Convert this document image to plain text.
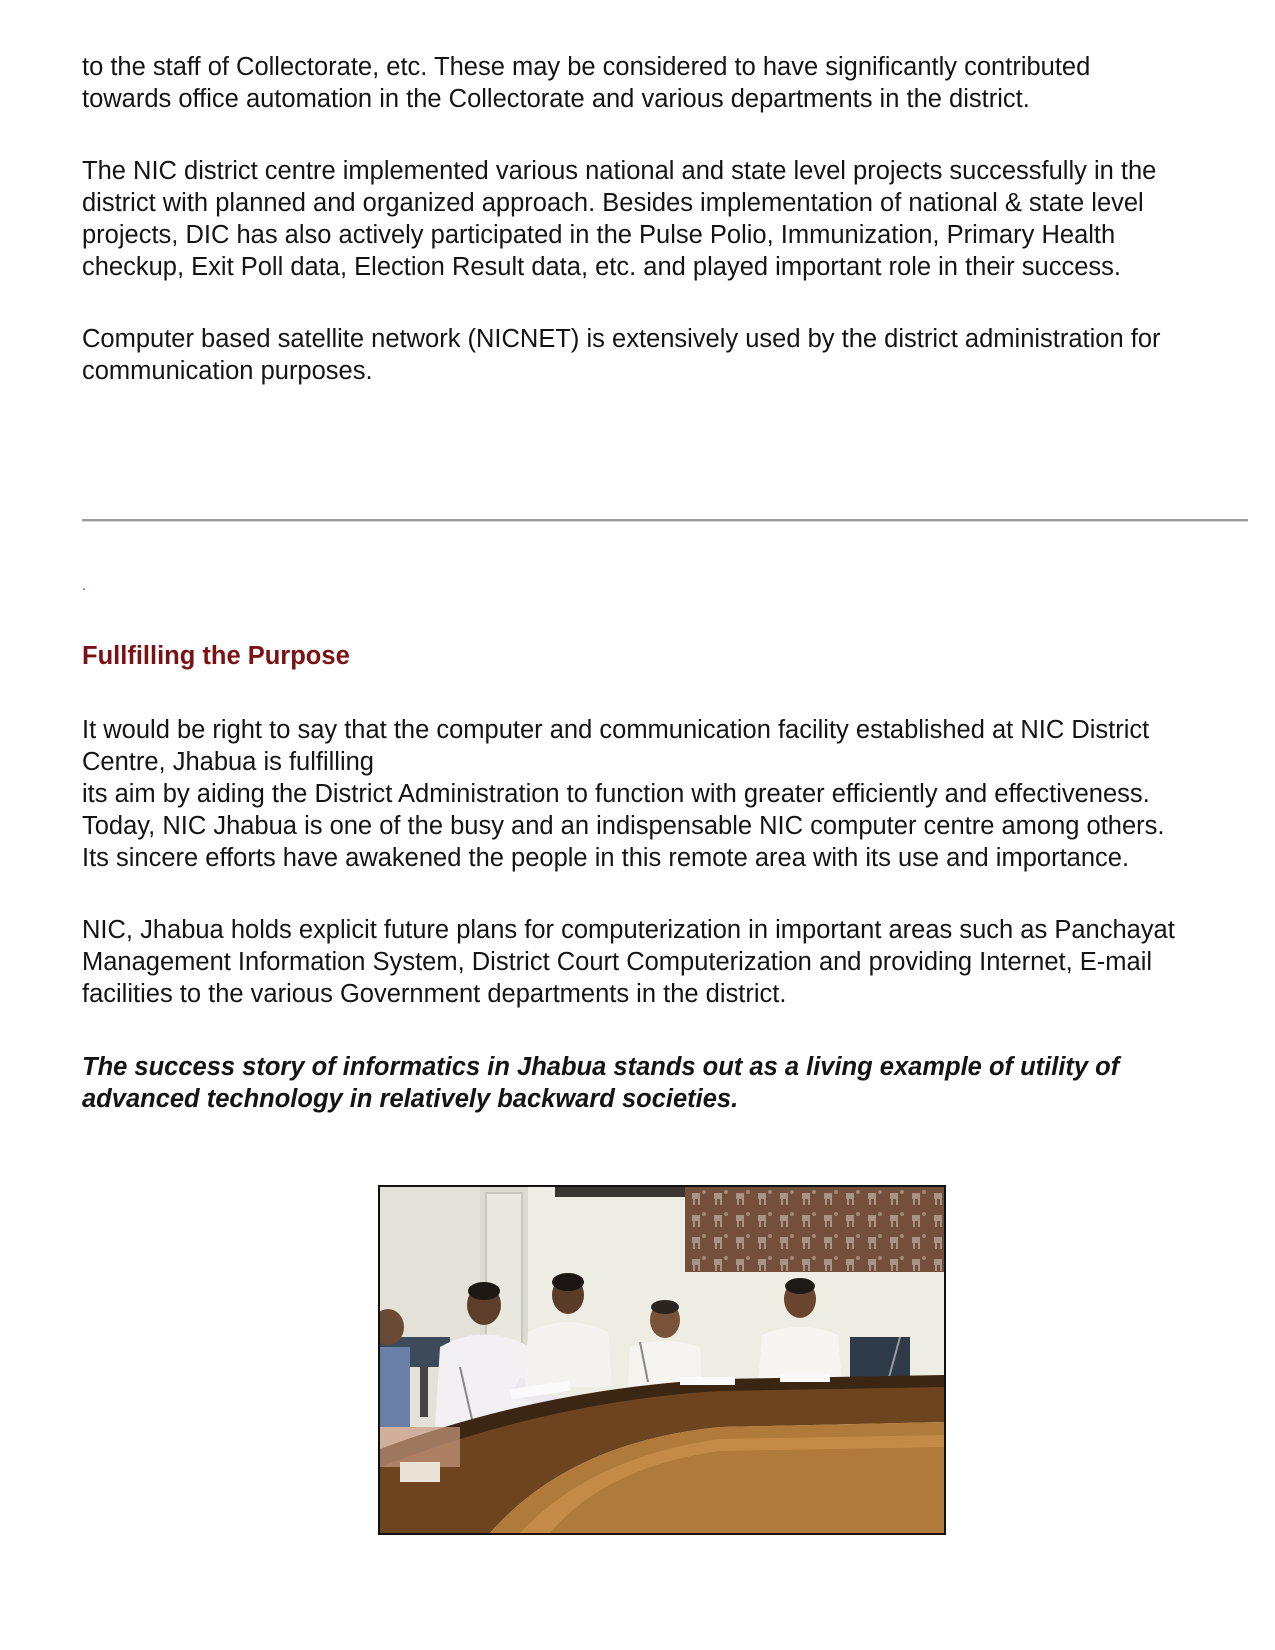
to the staff of Collectorate, etc. These may be considered to have significantly contributed
towards office automation in the Collectorate and various departments in the district.

The NIC district centre implemented various national and state level projects successfully in the
district with planned and organized approach. Besides implementation of national & state level
projects, DIC has also actively participated in the Pulse Polio, Immunization, Primary Health
checkup, Exit Poll data, Election Result data, etc. and played important role in their success.

Computer based satellite network (NICNET) is extensively used by the district administration for
communication purposes.

.
Fullfilling the Purpose

It would be right to say that the computer and communication facility established at NIC District
Centre, Jhabua is fulfilling
its aim by aiding the District Administration to function with greater efficiently and effectiveness.
Today, NIC Jhabua is one of the busy and an indispensable NIC computer centre among others.
Its sincere efforts have awakened the people in this remote area with its use and importance.

NIC, Jhabua holds explicit future plans for computerization in important areas such as Panchayat
Management Information System, District Court Computerization and providing Internet, E-mail
facilities to the various Government departments in the district.

The success story of informatics in Jhabua stands out as a living example of utility of
advanced technology in relatively backward societies.
